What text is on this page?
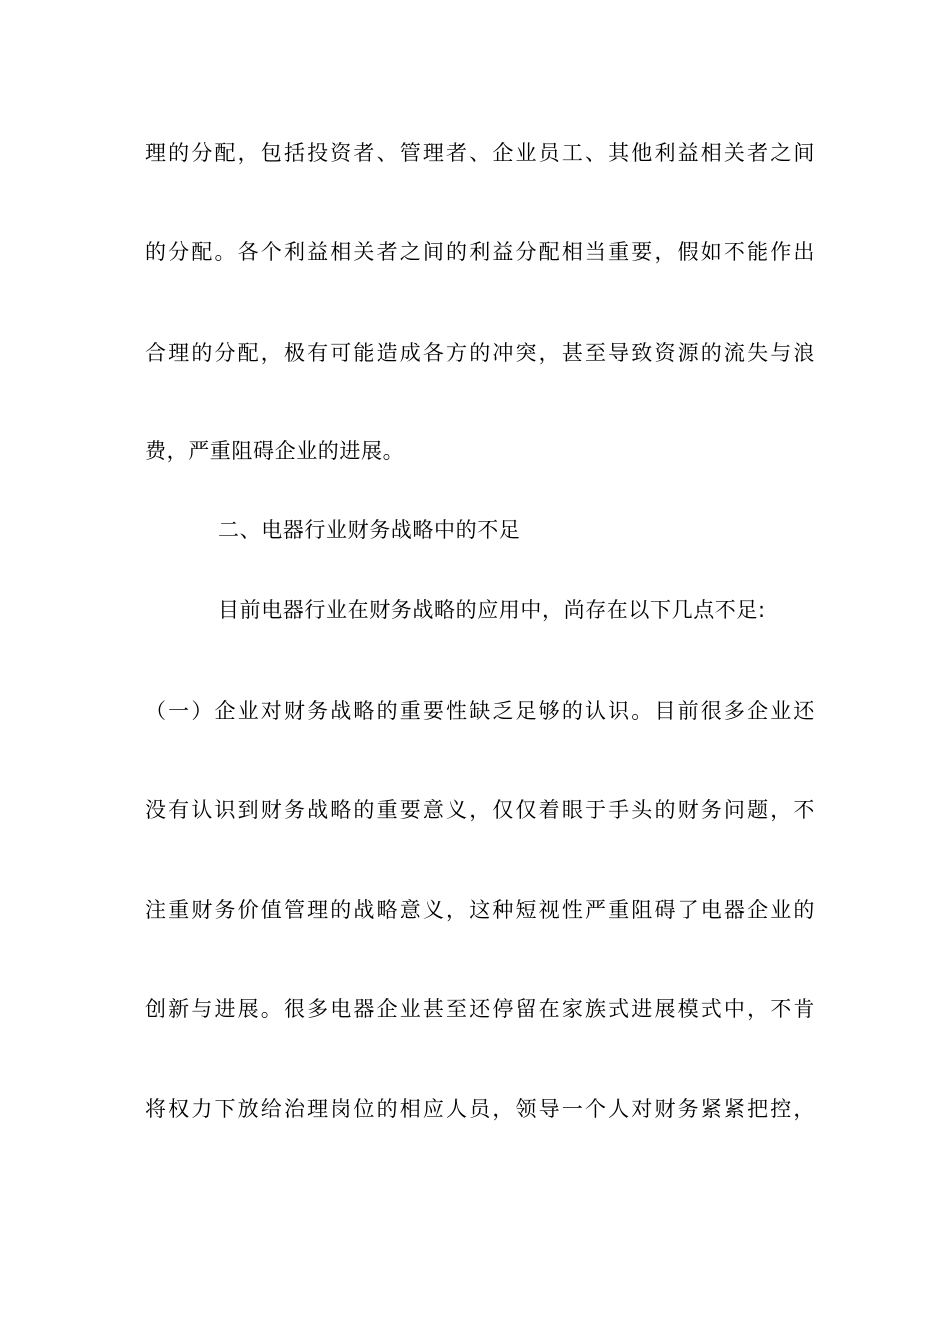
理的分配，包括投资者、管理者、企业员工、其他利益相关者之间
的分配。各个利益相关者之间的利益分配相当重要，假如不能作出
合理的分配，极有可能造成各方的冲突，甚至导致资源的流失与浪
费，严重阻碍企业的进展。
二、电器行业财务战略中的不足
目前电器行业在财务战略的应用中，尚存在以下几点不足:
（一）企业对财务战略的重要性缺乏足够的认识。目前很多企业还
没有认识到财务战略的重要意义，仅仅着眼于手头的财务问题，不
注重财务价值管理的战略意义，这种短视性严重阻碍了电器企业的
创新与进展。很多电器企业甚至还停留在家族式进展模式中，不肯
将权力下放给治理岗位的相应人员，领导一个人对财务紧紧把控，
